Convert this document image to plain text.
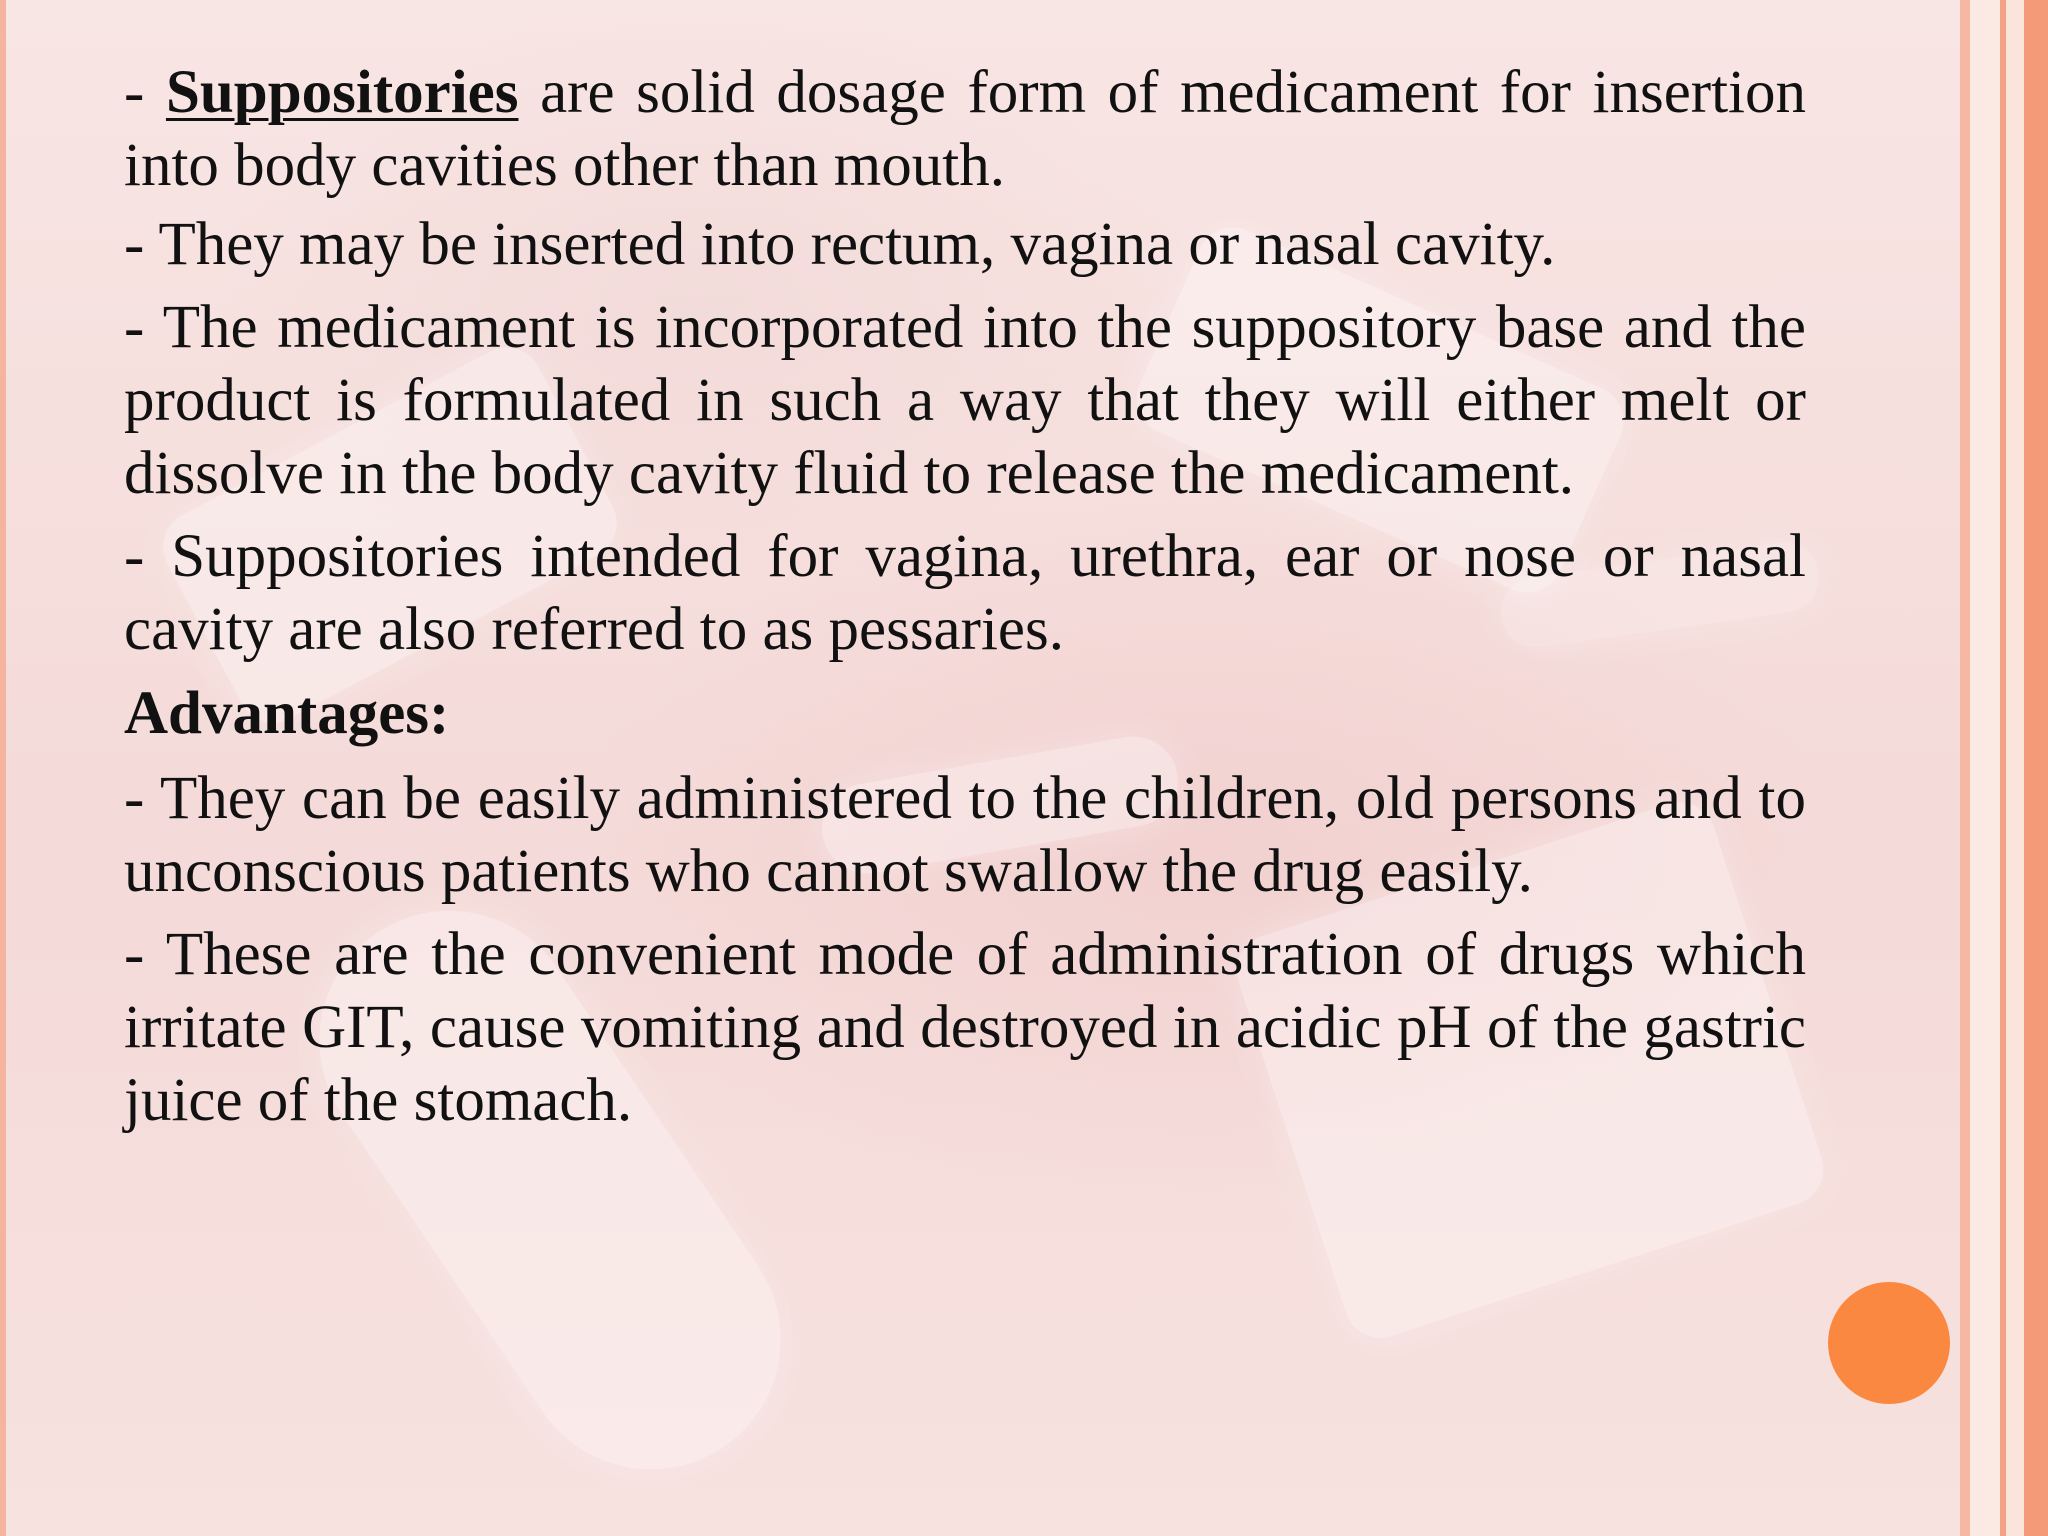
- Suppositories are solid dosage form of medicament for insertion into body cavities other than mouth.

- They may be inserted into rectum, vagina or nasal cavity.

- The medicament is incorporated into the suppository base and the product is formulated in such a way that they will either melt or dissolve in the body cavity fluid to release the medicament.

- Suppositories intended for vagina, urethra, ear or nose or nasal cavity are also referred to as pessaries.

Advantages:

- They can be easily administered to the children, old persons and to unconscious patients who cannot swallow the drug easily.

- These are the convenient mode of administration of drugs which irritate GIT, cause vomiting and destroyed in acidic pH of the gastric juice of the stomach.
